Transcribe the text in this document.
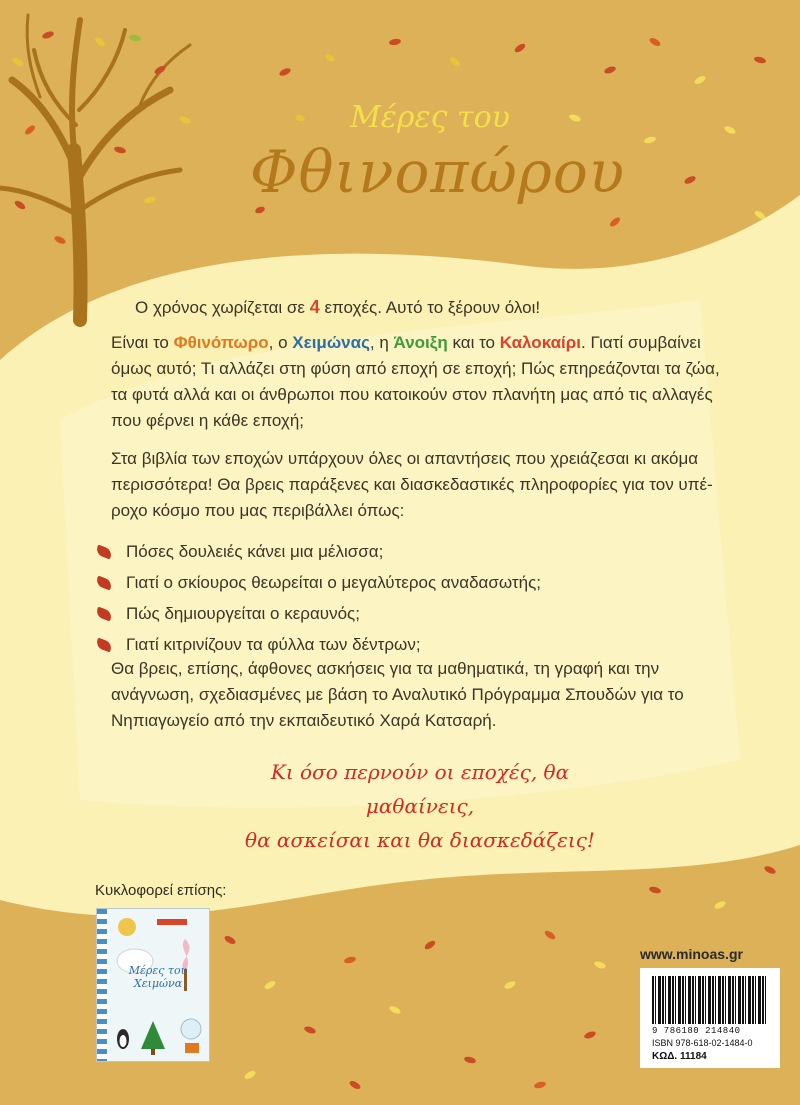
Μέρες του
Φθινοπώρου
Ο χρόνος χωρίζεται σε 4 εποχές. Αυτό το ξέρουν όλοι!
Είναι το Φθινόπωρο, ο Χειμώνας, η Άνοιξη και το Καλοκαίρι. Γιατί συμβαίνει
όμως αυτό; Τι αλλάζει στη φύση από εποχή σε εποχή; Πώς επηρεάζονται τα ζώα,
τα φυτά αλλά και οι άνθρωποι που κατοικούν στον πλανήτη μας από τις αλλαγές
που φέρνει η κάθε εποχή;
Στα βιβλία των εποχών υπάρχουν όλες οι απαντήσεις που χρειάζεσαι κι ακόμα
περισσότερα! Θα βρεις παράξενες και διασκεδαστικές πληροφορίες για τον υπέ-
ροχο κόσμο που μας περιβάλλει όπως:
Πόσες δουλειές κάνει μια μέλισσα;
Γιατί ο σκίουρος θεωρείται ο μεγαλύτερος αναδασωτής;
Πώς δημιουργείται ο κεραυνός;
Γιατί κιτρινίζουν τα φύλλα των δέντρων;
Θα βρεις, επίσης, άφθονες ασκήσεις για τα μαθηματικά, τη γραφή και την
ανάγνωση, σχεδιασμένες με βάση το Αναλυτικό Πρόγραμμα Σπουδών για το
Νηπιαγωγείο από την εκπαιδευτικό Χαρά Κατσαρή.
Κι όσο περνούν οι εποχές, θα μαθαίνεις,
θα ασκείσαι και θα διασκεδάζεις!
Κυκλοφορεί επίσης:
Μέρες του Χειμώνα
www.minoas.gr
9 786180 214840
ISBN 978-618-02-1484-0
ΚΩΔ. 11184
